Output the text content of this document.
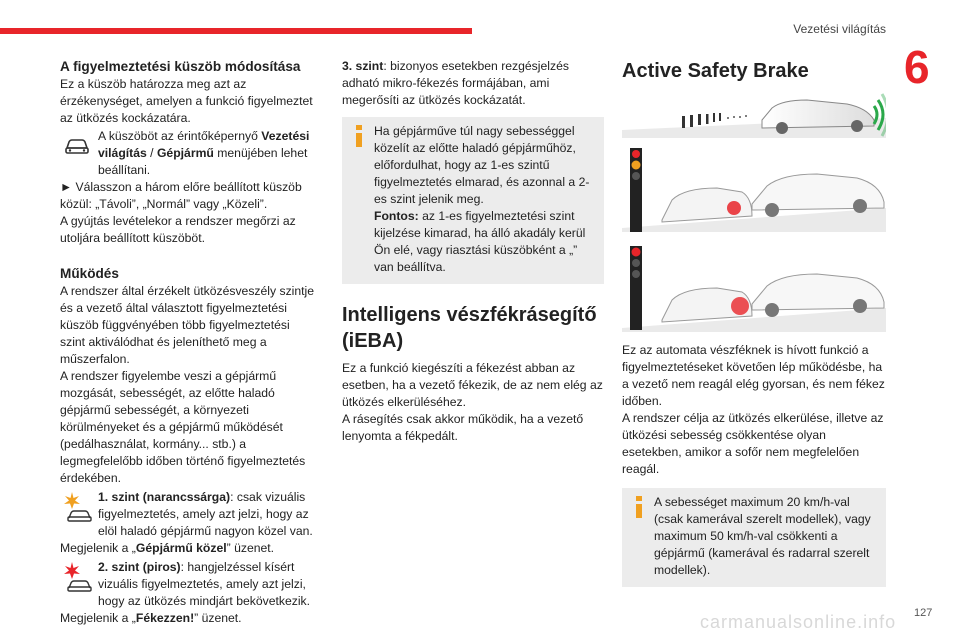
Vezetési világítás
6

A figyelmeztetési küszöb módosítása

Ez a küszöb határozza meg azt az érzékenységet, amelyen a funkció figyelmeztet az ütközés kockázatára.

A küszöböt az érintőképernyő Vezetési világítás / Gépjármű menüjében lehet beállítani.

► Válasszon a három előre beállított küszöb közül: „Távoli”, „Normál” vagy „Közeli”.

A gyújtás levételekor a rendszer megőrzi az utoljára beállított küszöböt.

Működés

A rendszer által érzékelt ütközésveszély szintje és a vezető által választott figyelmeztetési küszöb függvényében több figyelmeztetési szint aktiválódhat és jeleníthető meg a műszerfalon.

A rendszer figyelembe veszi a gépjármű mozgását, sebességét, az előtte haladó gépjármű sebességét, a környezeti körülményeket és a gépjármű működését (pedálhasználat, kormány... stb.) a legmegfelelőbb időben történő figyelmeztetés érdekében.

1. szint (narancssárga): csak vizuális figyelmeztetés, amely azt jelzi, hogy az elöl haladó gépjármű nagyon közel van.

Megjelenik a „Gépjármű közel” üzenet.

2. szint (piros): hangjelzéssel kísért vizuális figyelmeztetés, amely azt jelzi, hogy az ütközés mindjárt bekövetkezik.

Megjelenik a „Fékezzen!” üzenet.

3. szint: bizonyos esetekben rezgésjelzés adható mikro-fékezés formájában, ami megerősíti az ütközés kockázatát.

Ha gépjárműve túl nagy sebességgel közelít az előtte haladó gépjárműhöz, előfordulhat, hogy az 1-es szintű figyelmeztetés elmarad, és azonnal a 2-es szint jelenik meg.

Fontos: az 1-es figyelmeztetési szint kijelzése kimarad, ha álló akadály kerül Ön elé, vagy riasztási küszöbként a „” van beállítva.

Intelligens vészfékrásegítő (iEBA)

Ez a funkció kiegészíti a fékezést abban az esetben, ha a vezető fékezik, de az nem elég az ütközés elkerüléséhez.

A rásegítés csak akkor működik, ha a vezető lenyomta a fékpedált.

Active Safety Brake

Ez az automata vészféknek is hívott funkció a figyelmeztetéseket követően lép működésbe, ha a vezető nem reagál elég gyorsan, és nem fékez időben.

A rendszer célja az ütközés elkerülése, illetve az ütközési sebesség csökkentése olyan esetekben, amikor a sofőr nem megfelelően reagál.

A sebességet maximum 20 km/h-val (csak kamerával szerelt modellek), vagy maximum 50 km/h-val csökkenti a gépjármű (kamerával és radarral szerelt modellek).

carmanualsonline.info 127
